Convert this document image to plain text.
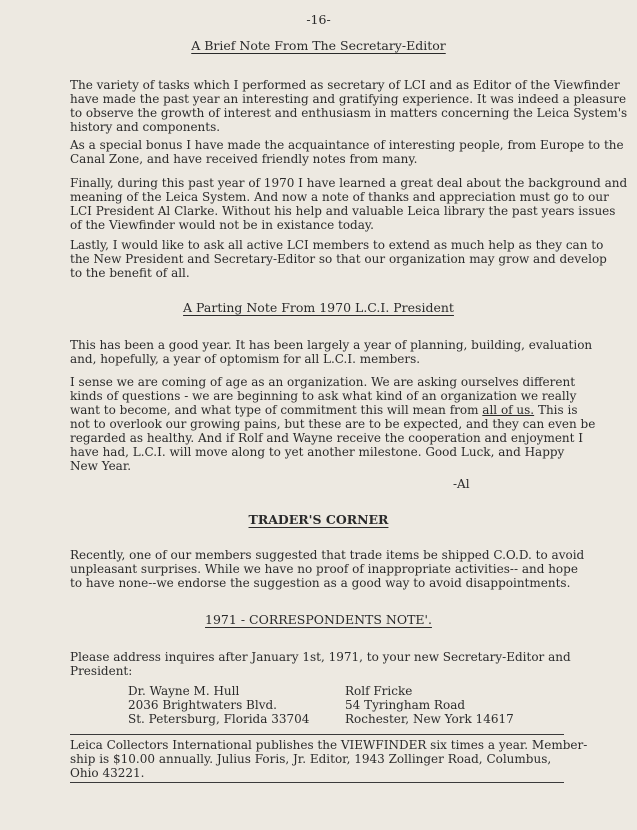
-16-
A Brief Note From The Secretary-Editor

The variety of tasks which I performed as secretary of LCI and as Editor of the Viewfinder
have made the past year an interesting and gratifying experience. It was indeed a pleasure
to observe the growth of interest and enthusiasm in matters concerning the Leica System's
history and components.

As a special bonus I have made the acquaintance of interesting people, from Europe to the
Canal Zone, and have received friendly notes from many.

Finally, during this past year of 1970 I have learned a great deal about the background and
meaning of the Leica System. And now a note of thanks and appreciation must go to our
LCI President Al Clarke. Without his help and valuable Leica library the past years issues
of the Viewfinder would not be in existance today.

Lastly, I would like to ask all active LCI members to extend as much help as they can to
the New President and Secretary-Editor so that our organization may grow and develop
to the benefit of all.

A Parting Note From 1970 L.C.I. President

This has been a good year. It has been largely a year of planning, building, evaluation
and, hopefully, a year of optomism for all L.C.I. members.

I sense we are coming of age as an organization. We are asking ourselves different
kinds of questions - we are beginning to ask what kind of an organization we really
want to become, and what type of commitment this will mean from all of us. This is
not to overlook our growing pains, but these are to be expected, and they can even be
regarded as healthy. And if Rolf and Wayne receive the cooperation and enjoyment I
have had, L.C.I. will move along to yet another milestone. Good Luck, and Happy
New Year.

-Al
TRADER'S CORNER

Recently, one of our members suggested that trade items be shipped C.O.D. to avoid
unpleasant surprises. While we have no proof of inappropriate activities-- and hope
to have none--we endorse the suggestion as a good way to avoid disappointments.

1971 - CORRESPONDENTS NOTE'.

Please address inquires after January 1st, 1971, to your new Secretary-Editor and
President:

Dr. Wayne M. Hull
2036 Brightwaters Blvd.
St. Petersburg, Florida 33704
Rolf Fricke
54 Tyringham Road
Rochester, New York 14617
Leica Collectors International publishes the VIEWFINDER six times a year. Member-
ship is $10.00 annually. Julius Foris, Jr. Editor, 1943 Zollinger Road, Columbus,
Ohio 43221.
